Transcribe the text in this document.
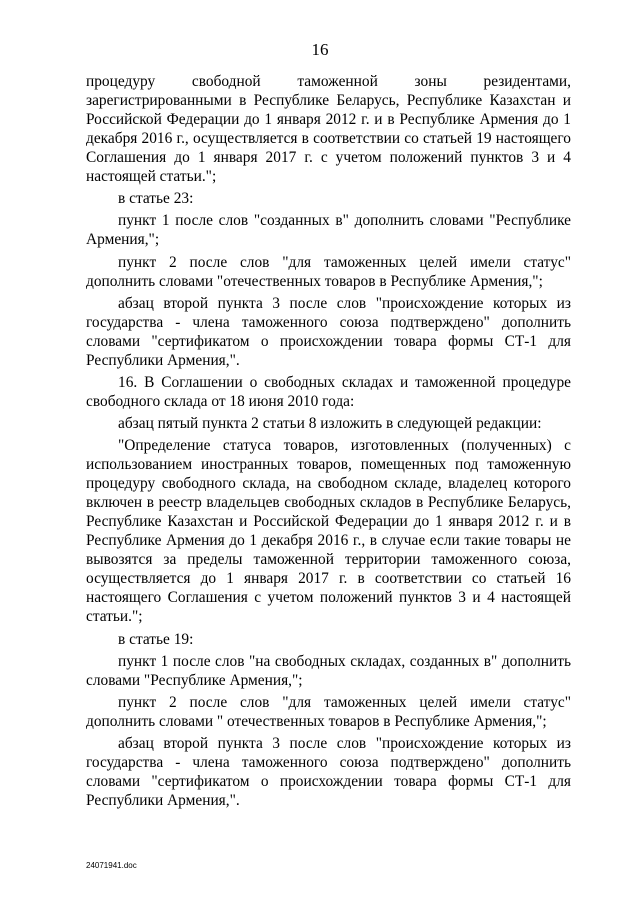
16

процедуру свободной таможенной зоны резидентами, зарегистрированными в Республике Беларусь, Республике Казахстан и Российской Федерации до 1 января 2012 г. и в Республике Армения до 1 декабря 2016 г., осуществляется в соответствии со статьей 19 настоящего Соглашения до 1 января 2017 г. с учетом положений пунктов 3 и 4 настоящей статьи.";

в статье 23:

пункт 1 после слов "созданных в" дополнить словами "Республике Армения,";

пункт 2 после слов "для таможенных целей имели статус" дополнить словами "отечественных товаров в Республике Армения,";

абзац второй пункта 3 после слов "происхождение которых из государства - члена таможенного союза подтверждено" дополнить словами "сертификатом о происхождении товара формы СТ-1 для Республики Армения,".

16. В Соглашении о свободных складах и таможенной процедуре свободного склада от 18 июня 2010 года:

абзац пятый пункта 2 статьи 8 изложить в следующей редакции:

"Определение статуса товаров, изготовленных (полученных) с использованием иностранных товаров, помещенных под таможенную процедуру свободного склада, на свободном складе, владелец которого включен в реестр владельцев свободных складов в Республике Беларусь, Республике Казахстан и Российской Федерации до 1 января 2012 г. и в Республике Армения до 1 декабря 2016 г., в случае если такие товары не вывозятся за пределы таможенной территории таможенного союза, осуществляется до 1 января 2017 г. в соответствии со статьей 16 настоящего Соглашения с учетом положений пунктов 3 и 4 настоящей статьи.";

в статье 19:

пункт 1 после слов "на свободных складах, созданных в" дополнить словами "Республике Армения,";

пункт 2 после слов "для таможенных целей имели статус" дополнить словами " отечественных товаров в Республике Армения,";

абзац второй пункта 3 после слов "происхождение которых из государства - члена таможенного союза подтверждено" дополнить словами "сертификатом о происхождении товара формы СТ-1 для Республики Армения,".

24071941.doc
